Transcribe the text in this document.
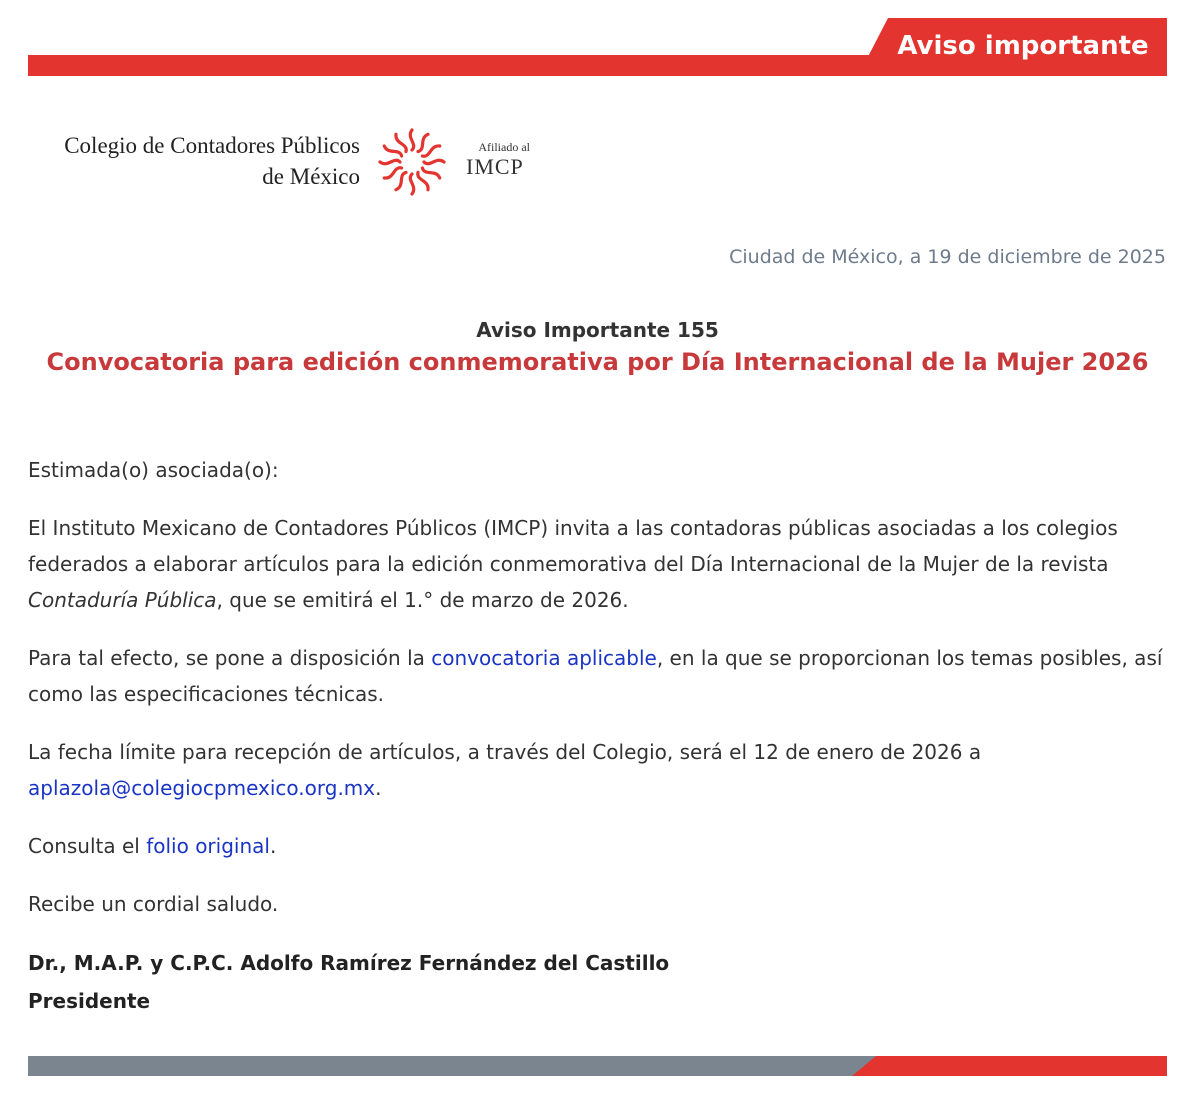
Aviso importante
Colegio de Contadores Públicos
de México
Afiliado al
IMCP
Ciudad de México, a 19 de diciembre de 2025
Aviso Importante 155
Convocatoria para edición conmemorativa por Día Internacional de la Mujer 2026

Estimada(o) asociada(o):

El Instituto Mexicano de Contadores Públicos (IMCP) invita a las contadoras públicas asociadas a los colegios federados a elaborar artículos para la edición conmemorativa del Día Internacional de la Mujer de la revista Contaduría Pública, que se emitirá el 1.° de marzo de 2026.

Para tal efecto, se pone a disposición la convocatoria aplicable, en la que se proporcionan los temas posibles, así como las especificaciones técnicas.

La fecha límite para recepción de artículos, a través del Colegio, será el 12 de enero de 2026 a aplazola@colegiocpmexico.org.mx.

Consulta el folio original.

Recibe un cordial saludo.

Dr., M.A.P. y C.P.C. Adolfo Ramírez Fernández del Castillo
Presidente
